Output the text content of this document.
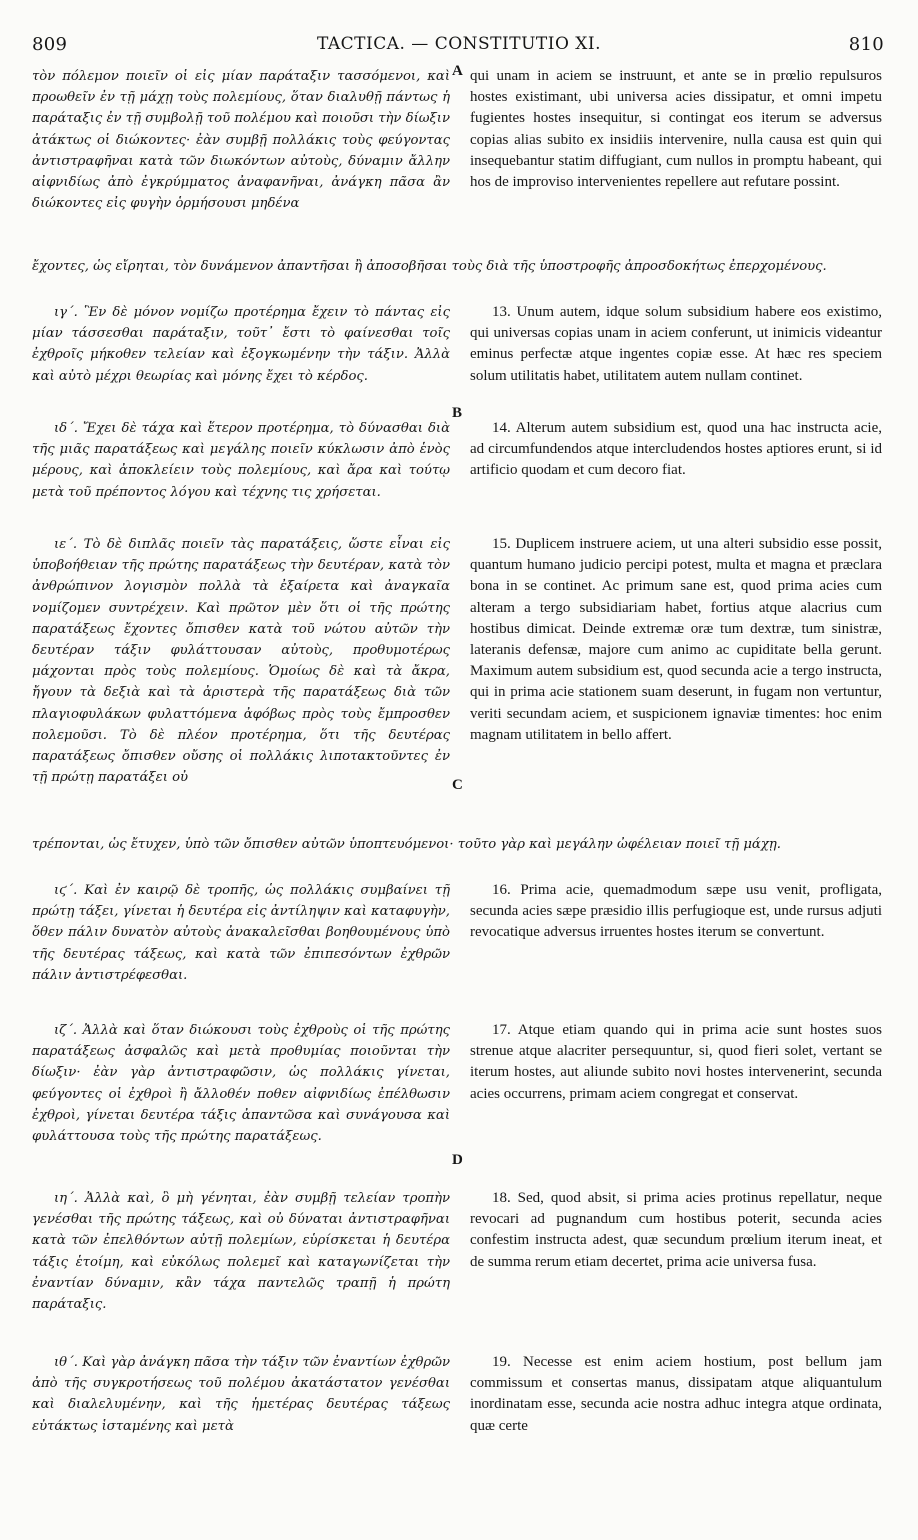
809	TACTICA. — CONSTITUTIO XI.	810
A
B
C
D

τὸν πόλεμον ποιεῖν οἱ εἰς μίαν παράταξιν τασσόμενοι, καὶ προωθεῖν ἐν τῇ μάχῃ τοὺς πολεμίους, ὅταν διαλυθῇ πάντως ἡ παράταξις ἐν τῇ συμβολῇ τοῦ πολέμου καὶ ποιοῦσι τὴν δίωξιν ἀτάκτως οἱ διώκοντες· ἐὰν συμβῇ πολλάκις τοὺς φεύγοντας ἀντιστραφῆναι κατὰ τῶν διωκόντων αὐτοὺς, δύναμιν ἄλλην αἰφνιδίως ἀπὸ ἐγκρύμματος ἀναφανῆναι, ἀνάγκη πᾶσα ἂν διώκοντες εἰς φυγὴν ὁρμήσουσι μηδένα

qui unam in aciem se instruunt, et ante se in prœlio repulsuros hostes existimant, ubi universa acies dissipatur, et omni impetu fugientes hostes insequitur, si contingat eos iterum se adversus copias alias subito ex insidiis intervenire, nulla causa est quin qui insequebantur statim diffugiant, cum nullos in promptu habeant, qui hos de improviso intervenientes repellere aut refutare possint.

ἔχοντες, ὡς εἴρηται, τὸν δυνάμενον ἀπαντῆσαι ἢ ἀποσοβῆσαι τοὺς διὰ τῆς ὑποστροφῆς ἀπροσδοκήτως ἐπερχομένους.

ιγ΄. Ἓν δὲ μόνον νομίζω προτέρημα ἔχειν τὸ πάντας εἰς μίαν τάσσεσθαι παράταξιν, τοῦτ᾽ ἔστι τὸ φαίνεσθαι τοῖς ἐχθροῖς μήκοθεν τελείαν καὶ ἐξογκωμένην τὴν τάξιν. Ἀλλὰ καὶ αὐτὸ μέχρι θεωρίας καὶ μόνης ἔχει τὸ κέρδος.

13. Unum autem, idque solum subsidium habere eos existimo, qui universas copias unam in aciem conferunt, ut inimicis videantur eminus perfectæ atque ingentes copiæ esse. At hæc res speciem solum utilitatis habet, utilitatem autem nullam continet.

ιδ΄. Ἔχει δὲ τάχα καὶ ἕτερον προτέρημα, τὸ δύνασθαι διὰ τῆς μιᾶς παρατάξεως καὶ μεγάλης ποιεῖν κύκλωσιν ἀπὸ ἑνὸς μέρους, καὶ ἀποκλείειν τοὺς πολεμίους, καὶ ἄρα καὶ τούτῳ μετὰ τοῦ πρέποντος λόγου καὶ τέχνης τις χρήσεται.

14. Alterum autem subsidium est, quod una hac instructa acie, ad circumfundendos atque intercludendos hostes aptiores erunt, si id artificio quodam et cum decoro fiat.

ιε΄. Τὸ δὲ διπλᾶς ποιεῖν τὰς παρατάξεις, ὥστε εἶναι εἰς ὑποβοήθειαν τῆς πρώτης παρατάξεως τὴν δευτέραν, κατὰ τὸν ἀνθρώπινον λογισμὸν πολλὰ τὰ ἐξαίρετα καὶ ἀναγκαῖα νομίζομεν συντρέχειν. Καὶ πρῶτον μὲν ὅτι οἱ τῆς πρώτης παρατάξεως ἔχοντες ὄπισθεν κατὰ τοῦ νώτου αὐτῶν τὴν δευτέραν τάξιν φυλάττουσαν αὐτοὺς, προθυμοτέρως μάχονται πρὸς τοὺς πολεμίους. Ὁμοίως δὲ καὶ τὰ ἄκρα, ἤγουν τὰ δεξιὰ καὶ τὰ ἀριστερὰ τῆς παρατάξεως διὰ τῶν πλαγιοφυλάκων φυλαττόμενα ἀφόβως πρὸς τοὺς ἔμπροσθεν πολεμοῦσι. Τὸ δὲ πλέον προτέρημα, ὅτι τῆς δευτέρας παρατάξεως ὄπισθεν οὔσης οἱ πολλάκις λιποτακτοῦντες ἐν τῇ πρώτῃ παρατάξει οὐ

15. Duplicem instruere aciem, ut una alteri subsidio esse possit, quantum humano judicio percipi potest, multa et magna et præclara bona in se continet. Ac primum sane est, quod prima acies cum alteram a tergo subsidiariam habet, fortius atque alacrius cum hostibus dimicat. Deinde extremæ oræ tum dextræ, tum sinistræ, lateranis defensæ, majore cum animo ac cupiditate bella gerunt. Maximum autem subsidium est, quod secunda acie a tergo instructa, qui in prima acie stationem suam deserunt, in fugam non vertuntur, veriti secundam aciem, et suspicionem ignaviæ timentes: hoc enim magnam utilitatem in bello affert.

τρέπονται, ὡς ἔτυχεν, ὑπὸ τῶν ὄπισθεν αὐτῶν ὑποπτευόμενοι· τοῦτο γὰρ καὶ μεγάλην ὠφέλειαν ποιεῖ τῇ μάχῃ.

ιϛ΄. Καὶ ἐν καιρῷ δὲ τροπῆς, ὡς πολλάκις συμβαίνει τῇ πρώτῃ τάξει, γίνεται ἡ δευτέρα εἰς ἀντίληψιν καὶ καταφυγὴν, ὅθεν πάλιν δυνατὸν αὐτοὺς ἀνακαλεῖσθαι βοηθουμένους ὑπὸ τῆς δευτέρας τάξεως, καὶ κατὰ τῶν ἐπιπεσόντων ἐχθρῶν πάλιν ἀντιστρέφεσθαι.

16. Prima acie, quemadmodum sæpe usu venit, profligata, secunda acies sæpe præsidio illis perfugioque est, unde rursus adjuti revocatique adversus irruentes hostes iterum se convertunt.

ιζ΄. Ἀλλὰ καὶ ὅταν διώκουσι τοὺς ἐχθροὺς οἱ τῆς πρώτης παρατάξεως ἀσφαλῶς καὶ μετὰ προθυμίας ποιοῦνται τὴν δίωξιν· ἐὰν γὰρ ἀντιστραφῶσιν, ὡς πολλάκις γίνεται, φεύγοντες οἱ ἐχθροὶ ἢ ἄλλοθέν ποθεν αἰφνιδίως ἐπέλθωσιν ἐχθροὶ, γίνεται δευτέρα τάξις ἀπαντῶσα καὶ συνάγουσα καὶ φυλάττουσα τοὺς τῆς πρώτης παρατάξεως.

17. Atque etiam quando qui in prima acie sunt hostes suos strenue atque alacriter persequuntur, si, quod fieri solet, vertant se iterum hostes, aut aliunde subito novi hostes intervenerint, secunda acies occurrens, primam aciem congregat et conservat.

ιη΄. Ἀλλὰ καὶ, ὃ μὴ γένηται, ἐὰν συμβῇ τελείαν τροπὴν γενέσθαι τῆς πρώτης τάξεως, καὶ οὐ δύναται ἀντιστραφῆναι κατὰ τῶν ἐπελθόντων αὐτῇ πολεμίων, εὑρίσκεται ἡ δευτέρα τάξις ἑτοίμη, καὶ εὐκόλως πολεμεῖ καὶ καταγωνίζεται τὴν ἐναντίαν δύναμιν, κἂν τάχα παντελῶς τραπῇ ἡ πρώτη παράταξις.

18. Sed, quod absit, si prima acies protinus repellatur, neque revocari ad pugnandum cum hostibus poterit, secunda acies confestim instructa adest, quæ secundum prœlium iterum ineat, et de summa rerum etiam decertet, prima acie universa fusa.

ιθ΄. Καὶ γὰρ ἀνάγκη πᾶσα τὴν τάξιν τῶν ἐναντίων ἐχθρῶν ἀπὸ τῆς συγκροτήσεως τοῦ πολέμου ἀκατάστατον γενέσθαι καὶ διαλελυμένην, καὶ τῆς ἡμετέρας δευτέρας τάξεως εὐτάκτως ἱσταμένης καὶ μετὰ

19. Necesse est enim aciem hostium, post bellum jam commissum et consertas manus, dissipatam atque aliquantulum inordinatam esse, secunda acie nostra adhuc integra atque ordinata, quæ certe
